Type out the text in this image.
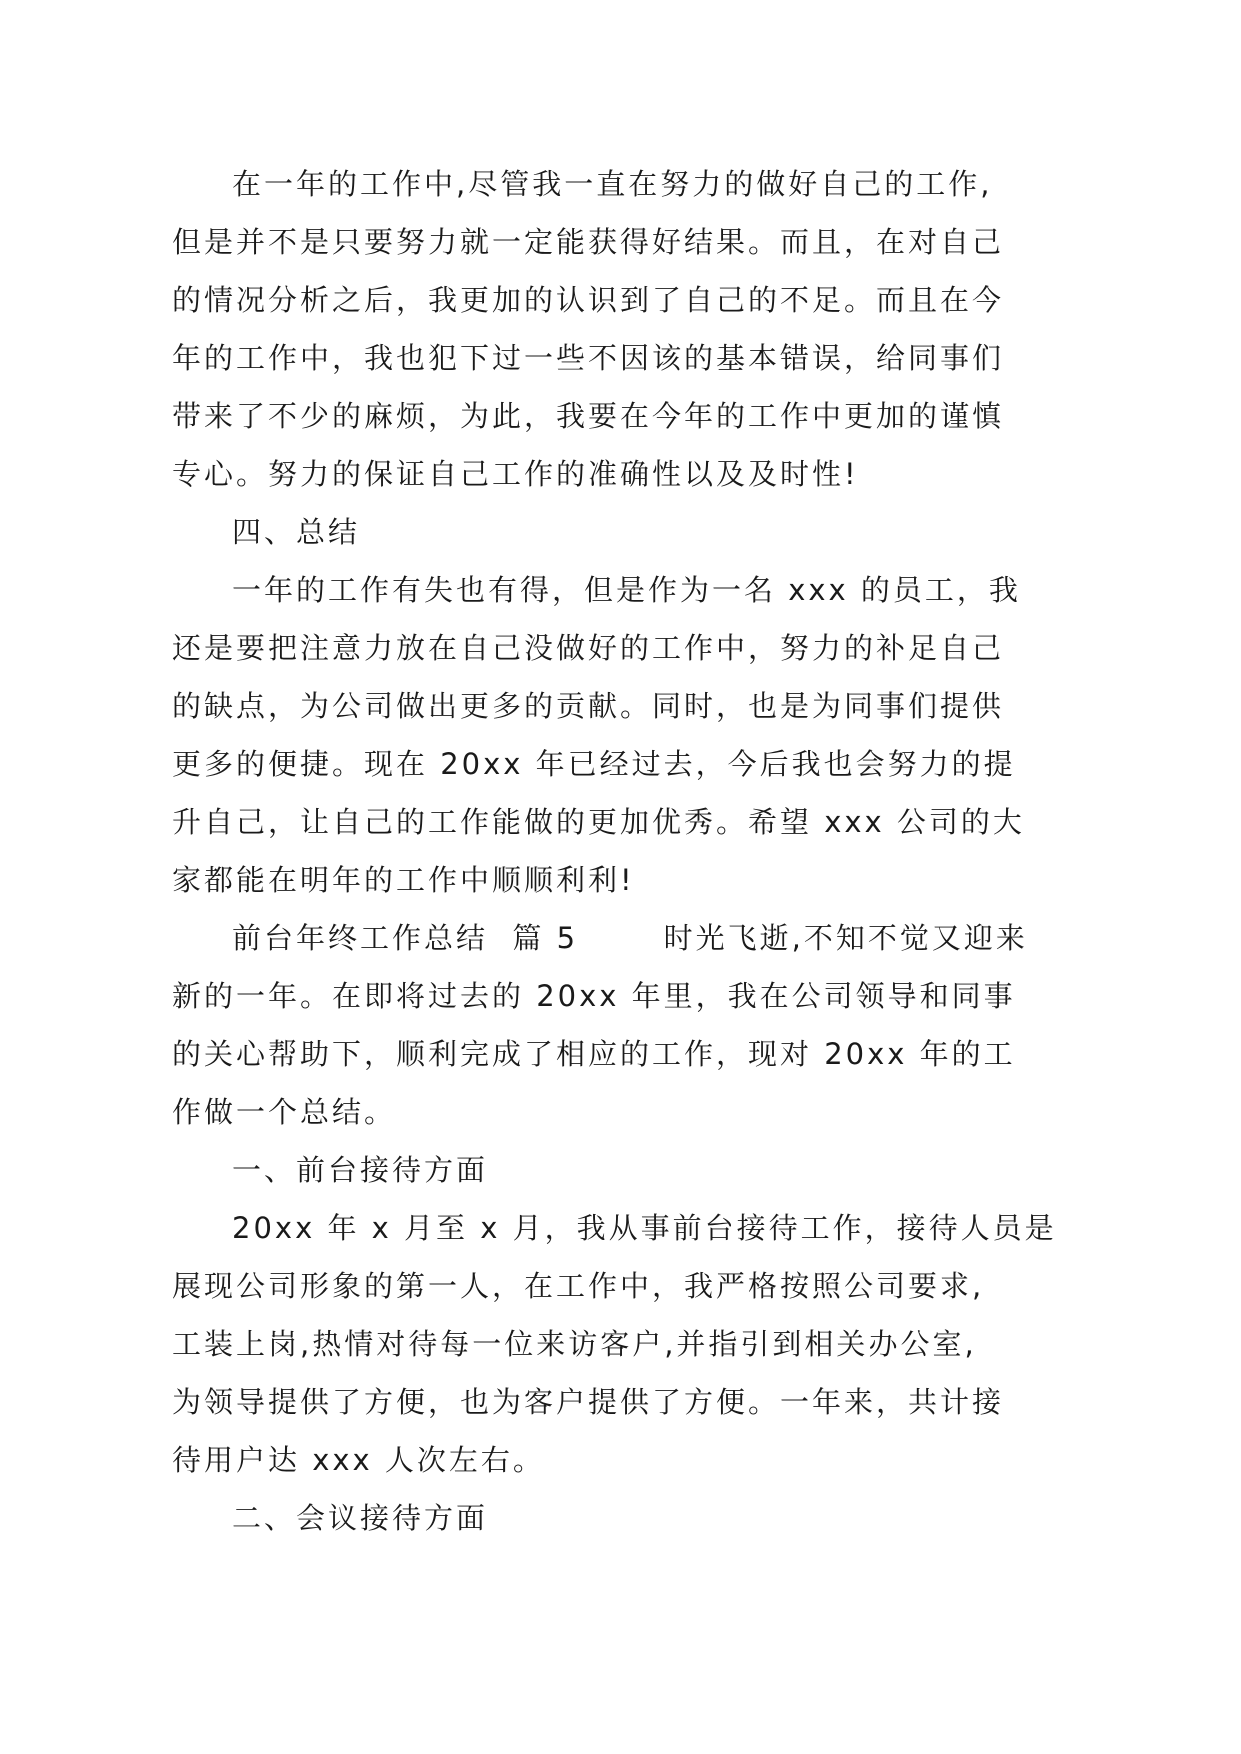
在一年的工作中,尽管我一直在努力的做好自己的工作,
但是并不是只要努力就一定能获得好结果。而且，在对自己
的情况分析之后，我更加的认识到了自己的不足。而且在今
年的工作中，我也犯下过一些不因该的基本错误，给同事们
带来了不少的麻烦，为此，我要在今年的工作中更加的谨慎
专心。努力的保证自己工作的准确性以及及时性!
四、总结
一年的工作有失也有得，但是作为一名 xxx 的员工，我
还是要把注意力放在自己没做好的工作中，努力的补足自己
的缺点，为公司做出更多的贡献。同时，也是为同事们提供
更多的便捷。现在 20xx 年已经过去，今后我也会努力的提
升自己，让自己的工作能做的更加优秀。希望 xxx 公司的大
家都能在明年的工作中顺顺利利!
前台年终工作总结  篇 5       时光飞逝,不知不觉又迎来
新的一年。在即将过去的 20xx 年里，我在公司领导和同事
的关心帮助下，顺利完成了相应的工作，现对 20xx 年的工
作做一个总结。
一、前台接待方面
20xx 年 x 月至 x 月，我从事前台接待工作，接待人员是
展现公司形象的第一人，在工作中，我严格按照公司要求,
工装上岗,热情对待每一位来访客户,并指引到相关办公室,
为领导提供了方便，也为客户提供了方便。一年来，共计接
待用户达 xxx 人次左右。
二、会议接待方面
